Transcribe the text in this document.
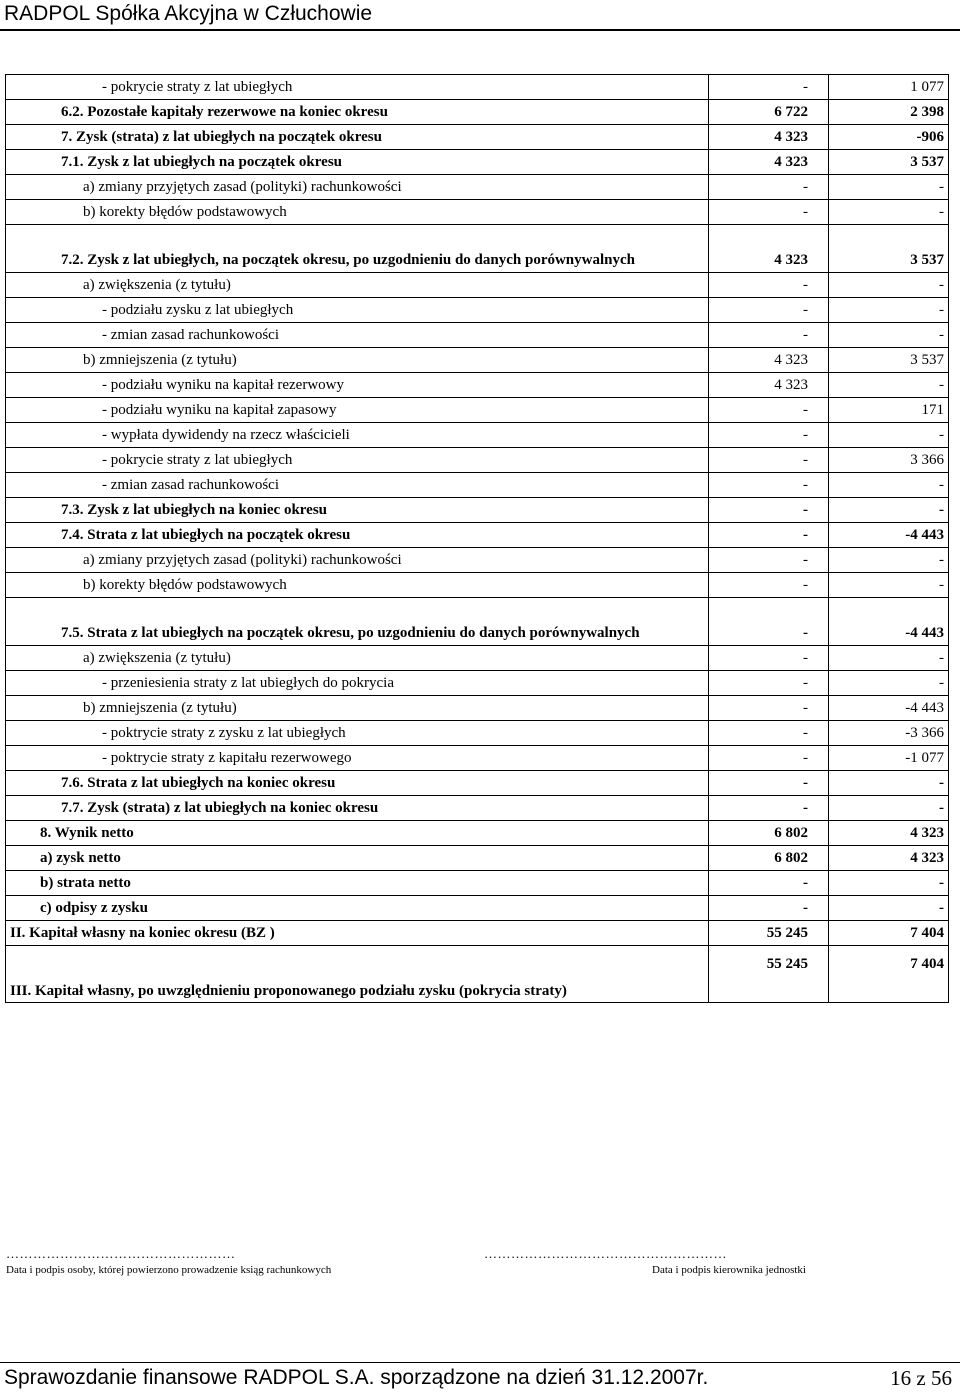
RADPOL Spółka Akcyjna w Człuchowie
- pokrycie straty z lat ubiegłych	-	1 077
6.2. Pozostałe kapitały rezerwowe na koniec okresu	6 722	2 398
7. Zysk (strata) z lat ubiegłych na początek okresu	4 323	-906
7.1. Zysk z lat ubiegłych na początek okresu	4 323	3 537
a) zmiany przyjętych zasad (polityki) rachunkowości	-	-
b) korekty błędów podstawowych	-	-
7.2. Zysk z lat ubiegłych, na początek okresu, po uzgodnieniu do danych porównywalnych	4 323	3 537
a) zwiększenia (z tytułu)	-	-
- podziału zysku z lat ubiegłych	-	-
- zmian zasad rachunkowości	-	-
b) zmniejszenia (z tytułu)	4 323	3 537
- podziału wyniku na kapitał rezerwowy	4 323	-
- podziału wyniku na kapitał zapasowy	-	171
- wypłata dywidendy na rzecz właścicieli	-	-
- pokrycie straty z lat ubiegłych	-	3 366
- zmian zasad rachunkowości	-	-
7.3. Zysk z lat ubiegłych na koniec okresu	-	-
7.4. Strata z lat ubiegłych na początek okresu	-	-4 443
a) zmiany przyjętych zasad (polityki) rachunkowości	-	-
b) korekty błędów podstawowych	-	-
7.5. Strata z lat ubiegłych na początek okresu, po uzgodnieniu do danych porównywalnych	-	-4 443
a) zwiększenia (z tytułu)	-	-
- przeniesienia straty z lat ubiegłych do pokrycia	-	-
b) zmniejszenia (z tytułu)	-	-4 443
- poktrycie straty z zysku z lat ubiegłych	-	-3 366
- poktrycie straty z kapitału rezerwowego	-	-1 077
7.6. Strata z lat ubiegłych na koniec okresu	-	-
7.7. Zysk (strata) z lat ubiegłych na koniec okresu	-	-
8. Wynik netto	6 802	4 323
a) zysk netto	6 802	4 323
b) strata netto	-	-
c) odpisy z zysku	-	-
II. Kapitał własny na koniec okresu (BZ )	55 245	7 404
III. Kapitał własny, po uwzględnieniu proponowanego podziału zysku (pokrycia straty)	55 245	7 404
……………………………………………
Data i podpis osoby, której powierzono prowadzenie ksiąg rachunkowych
………………………………………………
Data i podpis kierownika jednostki
Sprawozdanie finansowe RADPOL S.A. sporządzone na dzień 31.12.2007r.	16 z 56
